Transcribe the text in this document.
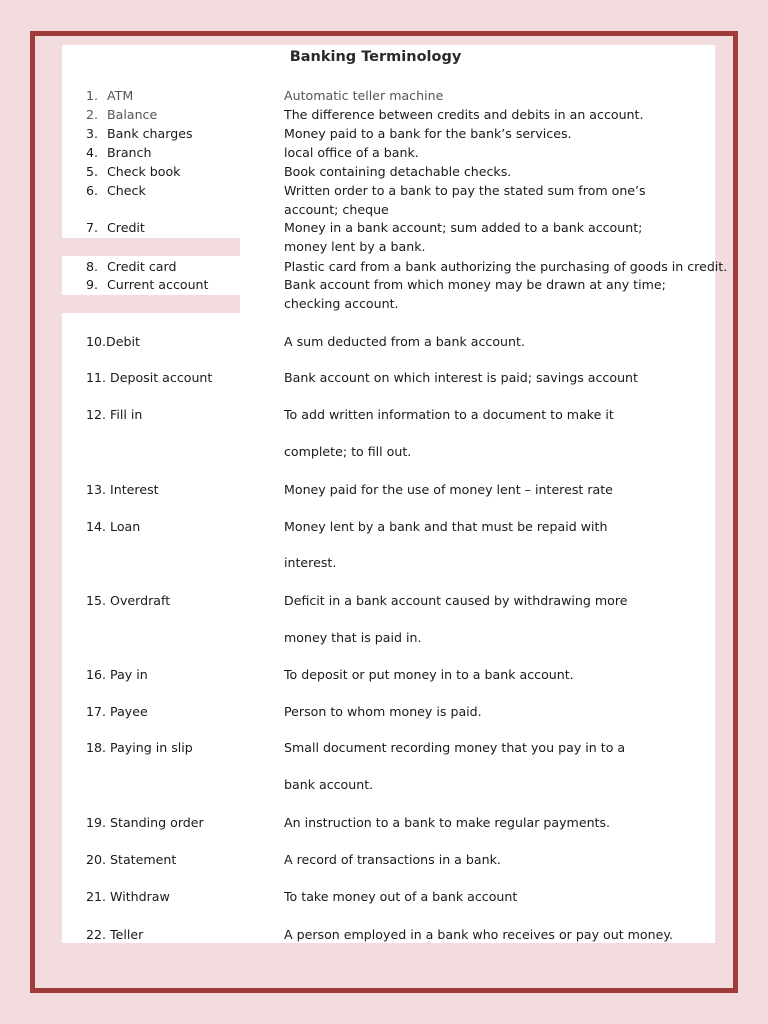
Banking Terminology
1. ATM	Automatic teller machine
2. Balance	The difference between credits and debits in an account.
3. Bank charges	Money paid to a bank for the bank’s services.
4. Branch	local office of a bank.
5. Check book	Book containing detachable checks.
6. Check	Written order to a bank to pay the stated sum from one’s
account; cheque
7. Credit	Money in a bank account; sum added to a bank account;
money lent by a bank.
8. Credit card	Plastic card from a bank authorizing the purchasing of goods in credit.
9. Current account	Bank account from which money may be drawn at any time;
checking account.
10.Debit	A sum deducted from a bank account.
11. Deposit account	Bank account on which interest is paid; savings account
12. Fill in	To add written information to a document to make it
complete; to fill out.
13. Interest	Money paid for the use of money lent – interest rate
14. Loan	Money lent by a bank and that must be repaid with
interest.
15. Overdraft	Deficit in a bank account caused by withdrawing more
money that is paid in.
16. Pay in	To deposit or put money in to a bank account.
17. Payee	Person to whom money is paid.
18. Paying in slip	Small document recording money that you pay in to a
bank account.
19. Standing order	An instruction to a bank to make regular payments.
20. Statement	A record of transactions in a bank.
21. Withdraw	To take money out of a bank account
22. Teller	A person employed in a bank who receives or pay out money.
